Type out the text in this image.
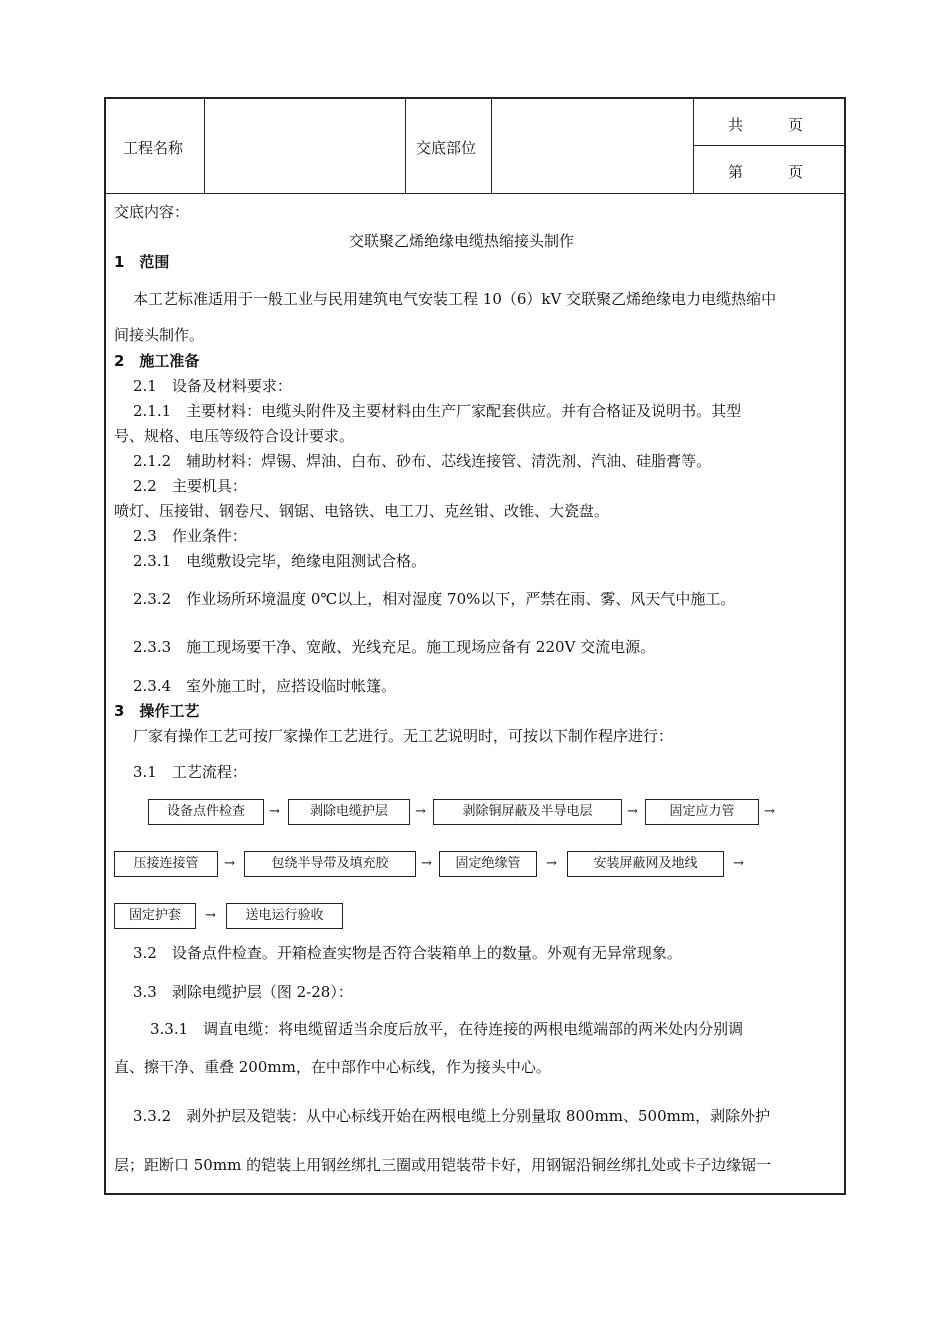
工程名称	交底部位
共　　　页
第　　　页
交底内容：
交联聚乙烯绝缘电缆热缩接头制作
1　范围
本工艺标准适用于一般工业与民用建筑电气安装工程 10（6）kV 交联聚乙烯绝缘电力电缆热缩中
间接头制作。
2　施工准备
2.1　设备及材料要求：
2.1.1　主要材料：电缆头附件及主要材料由生产厂家配套供应。并有合格证及说明书。其型
号、规格、电压等级符合设计要求。
2.1.2　辅助材料：焊锡、焊油、白布、砂布、芯线连接管、清洗剂、汽油、硅脂膏等。
2.2　主要机具：
喷灯、压接钳、钢卷尺、钢锯、电铬铁、电工刀、克丝钳、改锥、大瓷盘。
2.3　作业条件：
2.3.1　电缆敷设完毕，绝缘电阻测试合格。
2.3.2　作业场所环境温度 0℃以上，相对湿度 70%以下，严禁在雨、雾、风天气中施工。
2.3.3　施工现场要干净、宽敞、光线充足。施工现场应备有 220V 交流电源。
2.3.4　室外施工时，应搭设临时帐篷。
3　操作工艺
厂家有操作工艺可按厂家操作工艺进行。无工艺说明时，可按以下制作程序进行：
3.1　工艺流程：
设备点件检查	→	剥除电缆护层	→	剥除铜屏蔽及半导电层	→	固定应力管	→
压接连接管	→	包绕半导带及填充胶	→	固定绝缘管	→	安装屏蔽网及地线	→
固定护套	→	送电运行验收
3.2　设备点件检查。开箱检查实物是否符合装箱单上的数量。外观有无异常现象。
3.3　剥除电缆护层（图 2-28）：
3.3.1　调直电缆：将电缆留适当余度后放平，在待连接的两根电缆端部的两米处内分别调
直、擦干净、重叠 200mm，在中部作中心标线，作为接头中心。
3.3.2　剥外护层及铠装：从中心标线开始在两根电缆上分别量取 800mm、500mm，剥除外护
层；距断口 50mm 的铠装上用钢丝绑扎三圈或用铠装带卡好，用钢锯沿铜丝绑扎处或卡子边缘锯一
